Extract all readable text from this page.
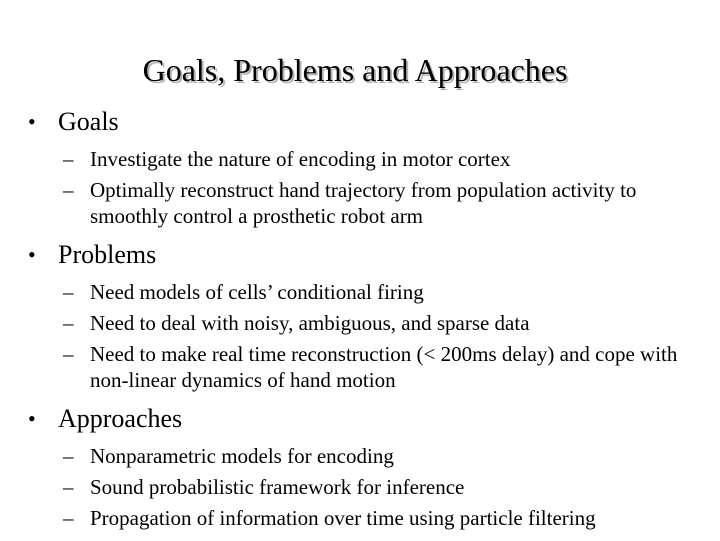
Goals, Problems and Approaches
• Goals
– Investigate the nature of encoding in motor cortex
– Optimally reconstruct hand trajectory from population activity to smoothly control a prosthetic robot arm
• Problems
– Need models of cells’ conditional firing
– Need to deal with noisy, ambiguous, and sparse data
– Need to make real time reconstruction (< 200ms delay) and cope with non-linear dynamics of hand motion
• Approaches
– Nonparametric models for encoding
– Sound probabilistic framework for inference
– Propagation of information over time using particle filtering
